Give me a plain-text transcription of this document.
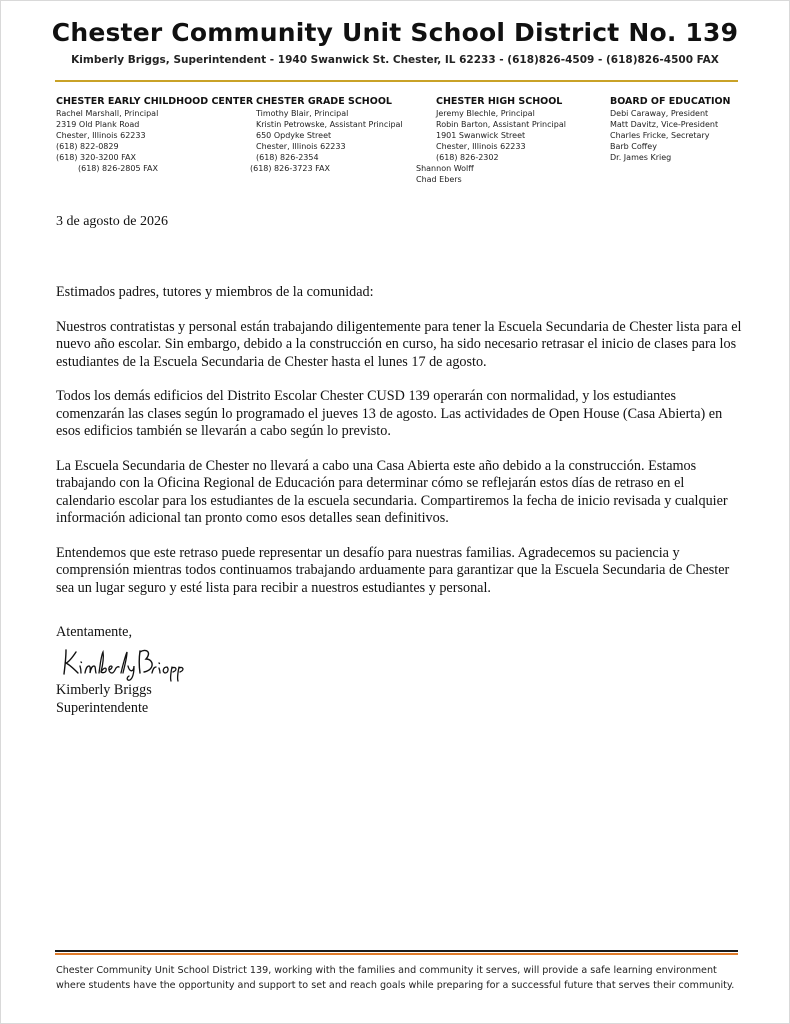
Chester Community Unit School District No. 139
Kimberly Briggs, Superintendent - 1940 Swanwick St. Chester, IL 62233 - (618)826-4509 - (618)826-4500 FAX
CHESTER EARLY CHILDHOOD CENTER
Rachel Marshall, Principal
2319 Old Plank Road
Chester, Illinois 62233
(618) 822-0829
(618) 320-3200 FAX
(618) 826-2805 FAX
CHESTER GRADE SCHOOL
Timothy Blair, Principal
Kristin Petrowske, Assistant Principal
650 Opdyke Street
Chester, Illinois 62233
(618) 826-2354
(618) 826-3723 FAX
CHESTER HIGH SCHOOL
Jeremy Blechle, Principal
Robin Barton, Assistant Principal
1901 Swanwick Street
Chester, Illinois 62233
(618) 826-2302
Shannon Wolff
Chad Ebers
BOARD OF EDUCATION
Debi Caraway, President
Matt Davitz, Vice-President
Charles Fricke, Secretary
Barb Coffey
Dr. James Krieg
3 de agosto de 2026

Estimados padres, tutores y miembros de la comunidad:

Nuestros contratistas y personal están trabajando diligentemente para tener la Escuela Secundaria de Chester lista para el nuevo año escolar. Sin embargo, debido a la construcción en curso, ha sido necesario retrasar el inicio de clases para los estudiantes de la Escuela Secundaria de Chester hasta el lunes 17 de agosto.

Todos los demás edificios del Distrito Escolar Chester CUSD 139 operarán con normalidad, y los estudiantes comenzarán las clases según lo programado el jueves 13 de agosto. Las actividades de Open House (Casa Abierta) en esos edificios también se llevarán a cabo según lo previsto.

La Escuela Secundaria de Chester no llevará a cabo una Casa Abierta este año debido a la construcción. Estamos trabajando con la Oficina Regional de Educación para determinar cómo se reflejarán estos días de retraso en el calendario escolar para los estudiantes de la escuela secundaria. Compartiremos la fecha de inicio revisada y cualquier información adicional tan pronto como esos detalles sean definitivos.

Entendemos que este retraso puede representar un desafío para nuestras familias. Agradecemos su paciencia y comprensión mientras todos continuamos trabajando arduamente para garantizar que la Escuela Secundaria de Chester sea un lugar seguro y esté lista para recibir a nuestros estudiantes y personal.

Atentamente,
Kimberly Briggs
Superintendente
Chester Community Unit School District 139, working with the families and community it serves, will provide a safe learning environment where students have the opportunity and support to set and reach goals while preparing for a successful future that serves their community.
